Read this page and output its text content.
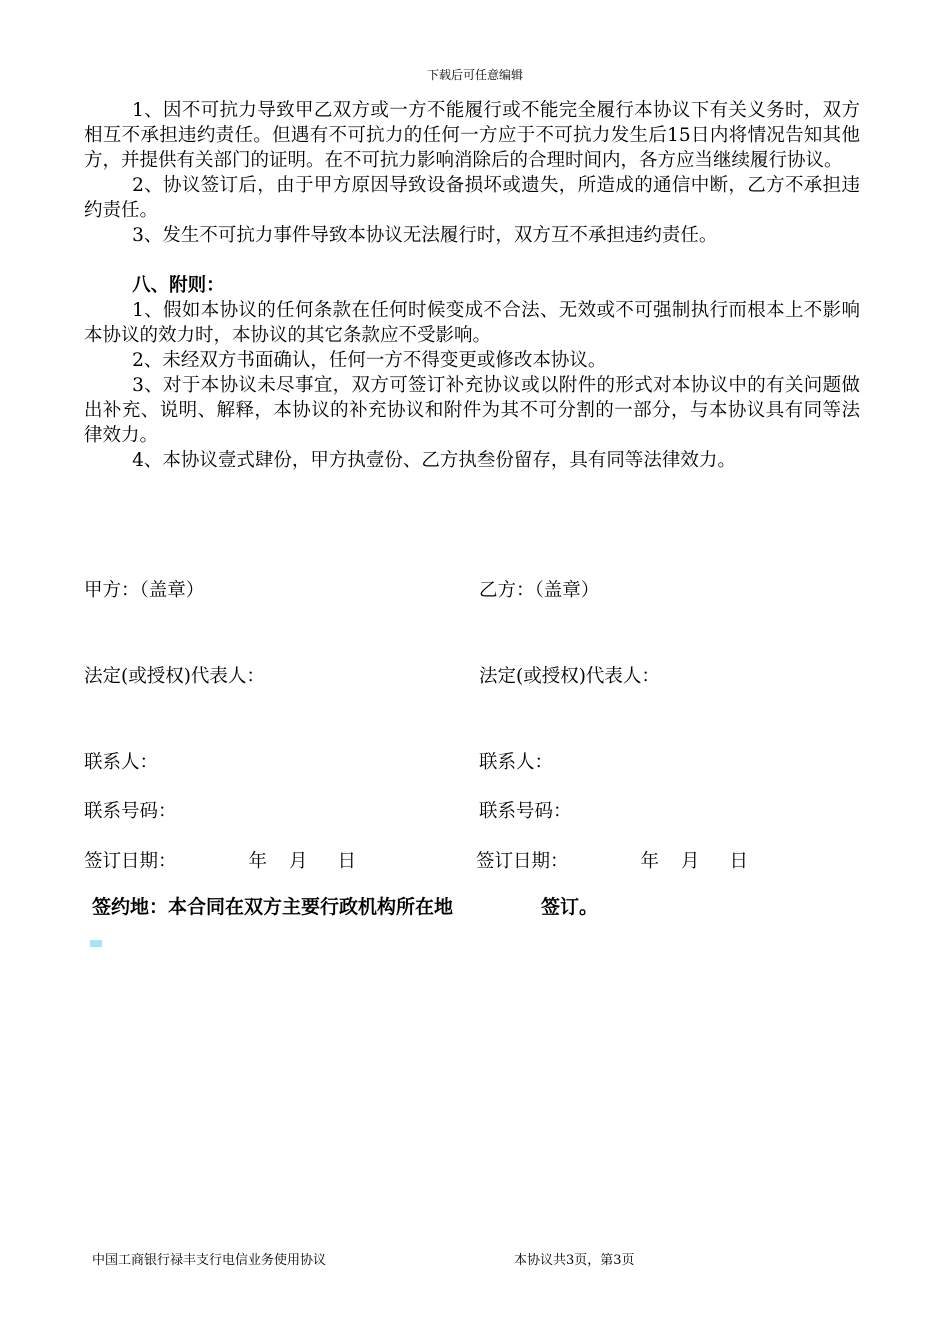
下载后可任意编辑

1、因不可抗力导致甲乙双方或一方不能履行或不能完全履行本协议下有关义务时，双方相互不承担违约责任。但遇有不可抗力的任何一方应于不可抗力发生后15日内将情况告知其他方，并提供有关部门的证明。在不可抗力影响消除后的合理时间内，各方应当继续履行协议。

2、协议签订后，由于甲方原因导致设备损坏或遗失，所造成的通信中断，乙方不承担违约责任。

3、发生不可抗力事件导致本协议无法履行时，双方互不承担违约责任。

八、附则：

1、假如本协议的任何条款在任何时候变成不合法、无效或不可强制执行而根本上不影响本协议的效力时，本协议的其它条款应不受影响。

2、未经双方书面确认，任何一方不得变更或修改本协议。

3、对于本协议未尽事宜，双方可签订补充协议或以附件的形式对本协议中的有关问题做出补充、说明、解释，本协议的补充协议和附件为其不可分割的一部分，与本协议具有同等法律效力。

4、本协议壹式肆份，甲方执壹份、乙方执叁份留存，具有同等法律效力。

甲方：（盖章）	乙方：（盖章）
法定(或授权)代表人：	法定(或授权)代表人：
联系人：	联系人：
联系号码：	联系号码：
签订日期：	年 月 日	签订日期：	年 月 日
签约地：本合同在双方主要行政机构所在地	签订。
中国工商银行禄丰支行电信业务使用协议	本协议共3页，第3页
